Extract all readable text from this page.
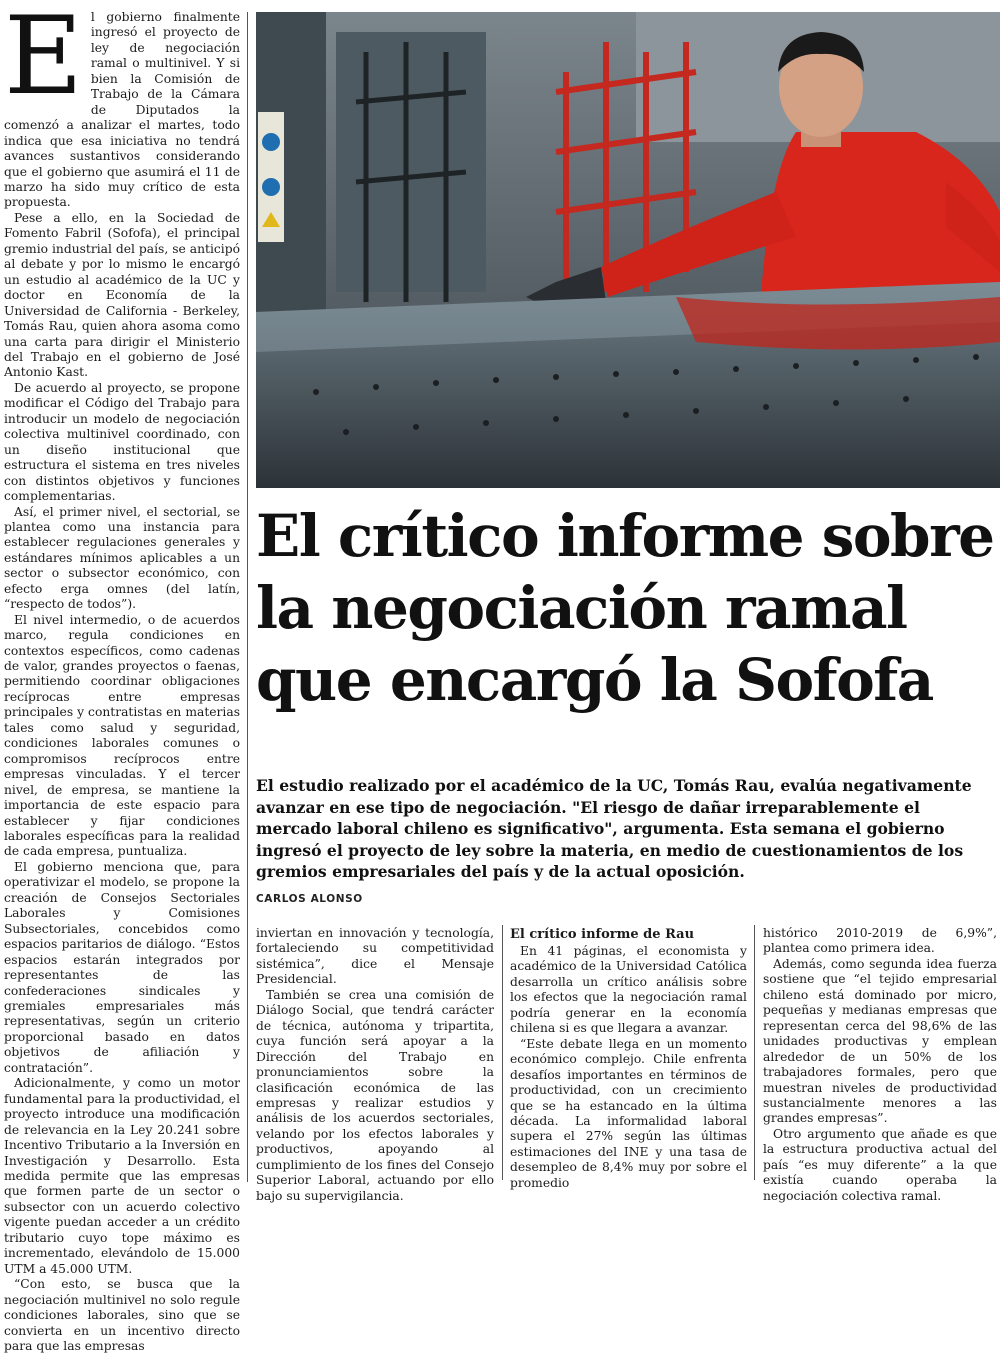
E l gobierno finalmente ingresó el proyecto de ley de negociación ramal o multinivel. Y si bien la Comisión de Trabajo de la Cámara de Diputados la comenzó a analizar el martes, todo indica que esa iniciativa no tendrá avances sustantivos considerando que el gobierno que asumirá el 11 de marzo ha sido muy crítico de esta propuesta.

Pese a ello, en la Sociedad de Fomento Fabril (Sofofa), el principal gremio industrial del país, se anticipó al debate y por lo mismo le encargó un estudio al académico de la UC y doctor en Economía de la Universidad de California - Berkeley, Tomás Rau, quien ahora asoma como una carta para dirigir el Ministerio del Trabajo en el gobierno de José Antonio Kast.

De acuerdo al proyecto, se propone modificar el Código del Trabajo para introducir un modelo de negociación colectiva multinivel coordinado, con un diseño institucional que estructura el sistema en tres niveles con distintos objetivos y funciones complementarias.

Así, el primer nivel, el sectorial, se plantea como una instancia para establecer regulaciones generales y estándares mínimos aplicables a un sector o subsector económico, con efecto erga omnes (del latín, “respecto de todos”).

El nivel intermedio, o de acuerdos marco, regula condiciones en contextos específicos, como cadenas de valor, grandes proyectos o faenas, permitiendo coordinar obligaciones recíprocas entre empresas principales y contratistas en materias tales como salud y seguridad, condiciones laborales comunes o compromisos recíprocos entre empresas vinculadas. Y el tercer nivel, de empresa, se mantiene la importancia de este espacio para establecer y fijar condiciones laborales específicas para la realidad de cada empresa, puntualiza.

El gobierno menciona que, para operativizar el modelo, se propone la creación de Consejos Sectoriales Laborales y Comisiones Subsectoriales, concebidos como espacios paritarios de diálogo. “Estos espacios estarán integrados por representantes de las confederaciones sindicales y gremiales empresariales más representativas, según un criterio proporcional basado en datos objetivos de afiliación y contratación”.

Adicionalmente, y como un motor fundamental para la productividad, el proyecto introduce una modificación de relevancia en la Ley 20.241 sobre Incentivo Tributario a la Inversión en Investigación y Desarrollo. Esta medida permite que las empresas que formen parte de un sector o subsector con un acuerdo colectivo vigente puedan acceder a un crédito tributario cuyo tope máximo es incrementado, elevándolo de 15.000 UTM a 45.000 UTM.

“Con esto, se busca que la negociación multinivel no solo regule condiciones laborales, sino que se convierta en un incentivo directo para que las empresas

El crítico informe sobre
la negociación ramal
que encargó la Sofofa

El estudio realizado por el académico de la UC, Tomás Rau, evalúa negativamente avanzar en ese tipo de negociación. "El riesgo de dañar irreparablemente el mercado laboral chileno es significativo", argumenta. Esta semana el gobierno ingresó el proyecto de ley sobre la materia, en medio de cuestionamientos de los gremios empresariales del país y de la actual oposición.

CARLOS ALONSO

inviertan en innovación y tecnología, fortaleciendo su competitividad sistémica”, dice el Mensaje Presidencial.

También se crea una comisión de Diálogo Social, que tendrá carácter de técnica, autónoma y tripartita, cuya función será apoyar a la Dirección del Trabajo en pronunciamientos sobre la clasificación económica de las empresas y realizar estudios y análisis de los acuerdos sectoriales, velando por los efectos laborales y productivos, apoyando al cumplimiento de los fines del Consejo Superior Laboral, actuando por ello bajo su supervigilancia.

El crítico informe de Rau

En 41 páginas, el economista y académico de la Universidad Católica desarrolla un crítico análisis sobre los efectos que la negociación ramal podría generar en la economía chilena si es que llegara a avanzar.

“Este debate llega en un momento económico complejo. Chile enfrenta desafíos importantes en términos de productividad, con un crecimiento que se ha estancado en la última década. La informalidad laboral supera el 27% según las últimas estimaciones del INE y una tasa de desempleo de 8,4% muy por sobre el promedio

histórico 2010-2019 de 6,9%”, plantea como primera idea.

Además, como segunda idea fuerza sostiene que “el tejido empresarial chileno está dominado por micro, pequeñas y medianas empresas que representan cerca del 98,6% de las unidades productivas y emplean alrededor de un 50% de los trabajadores formales, pero que muestran niveles de productividad sustancialmente menores a las grandes empresas”.

Otro argumento que añade es que la estructura productiva actual del país “es muy diferente” a la que existía cuando operaba la negociación colectiva ramal.
